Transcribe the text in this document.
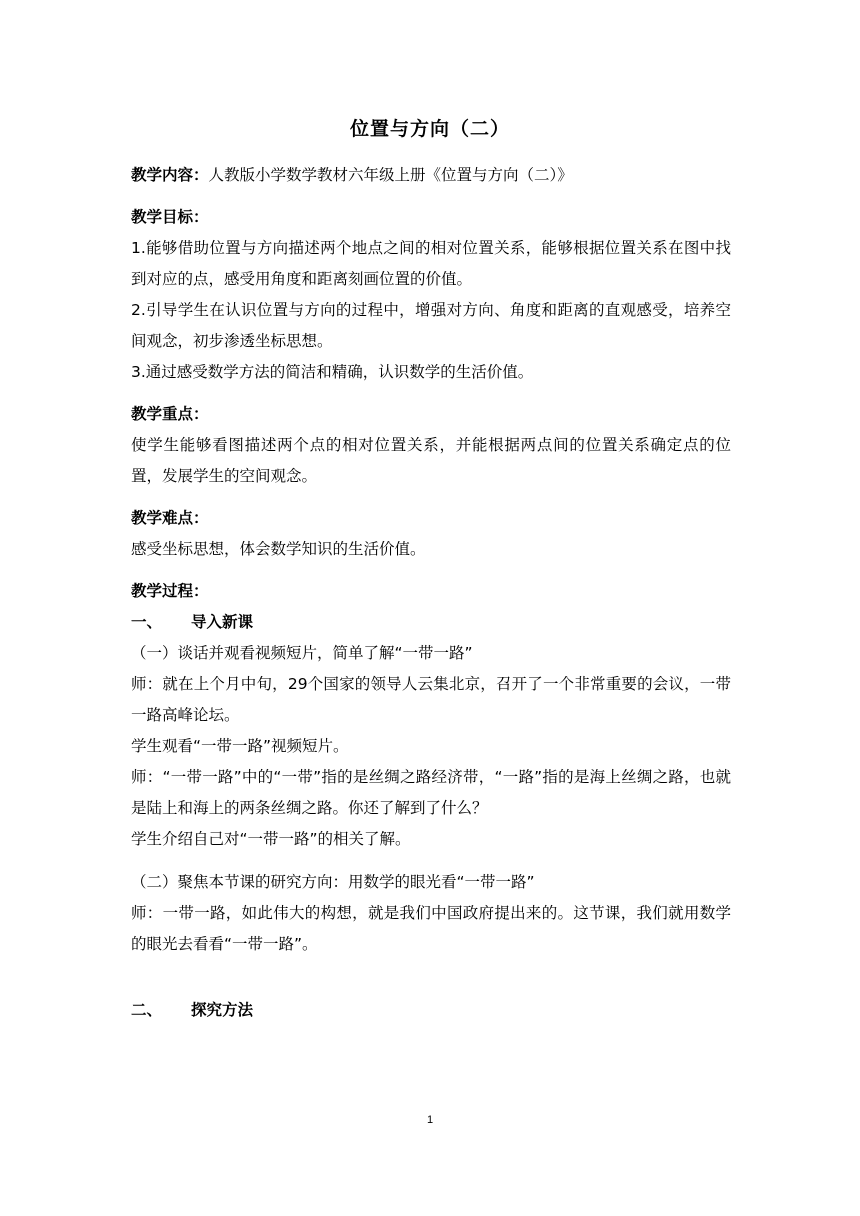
位置与方向（二）
教学内容：人教版小学数学教材六年级上册《位置与方向（二）》
教学目标：
1.能够借助位置与方向描述两个地点之间的相对位置关系，能够根据位置关系在图中找到对应的点，感受用角度和距离刻画位置的价值。
2.引导学生在认识位置与方向的过程中，增强对方向、角度和距离的直观感受，培养空间观念，初步渗透坐标思想。
3.通过感受数学方法的简洁和精确，认识数学的生活价值。
教学重点：
使学生能够看图描述两个点的相对位置关系，并能根据两点间的位置关系确定点的位置，发展学生的空间观念。
教学难点：
感受坐标思想，体会数学知识的生活价值。
教学过程：
一、 导入新课
（一）谈话并观看视频短片，简单了解“一带一路”
师：就在上个月中旬，29个国家的领导人云集北京，召开了一个非常重要的会议，一带一路高峰论坛。
学生观看“一带一路”视频短片。
师：“一带一路”中的“一带”指的是丝绸之路经济带，“一路”指的是海上丝绸之路，也就是陆上和海上的两条丝绸之路。你还了解到了什么？
学生介绍自己对“一带一路”的相关了解。
（二）聚焦本节课的研究方向：用数学的眼光看“一带一路”
师：一带一路，如此伟大的构想，就是我们中国政府提出来的。这节课，我们就用数学的眼光去看看“一带一路”。
二、 探究方法
1
